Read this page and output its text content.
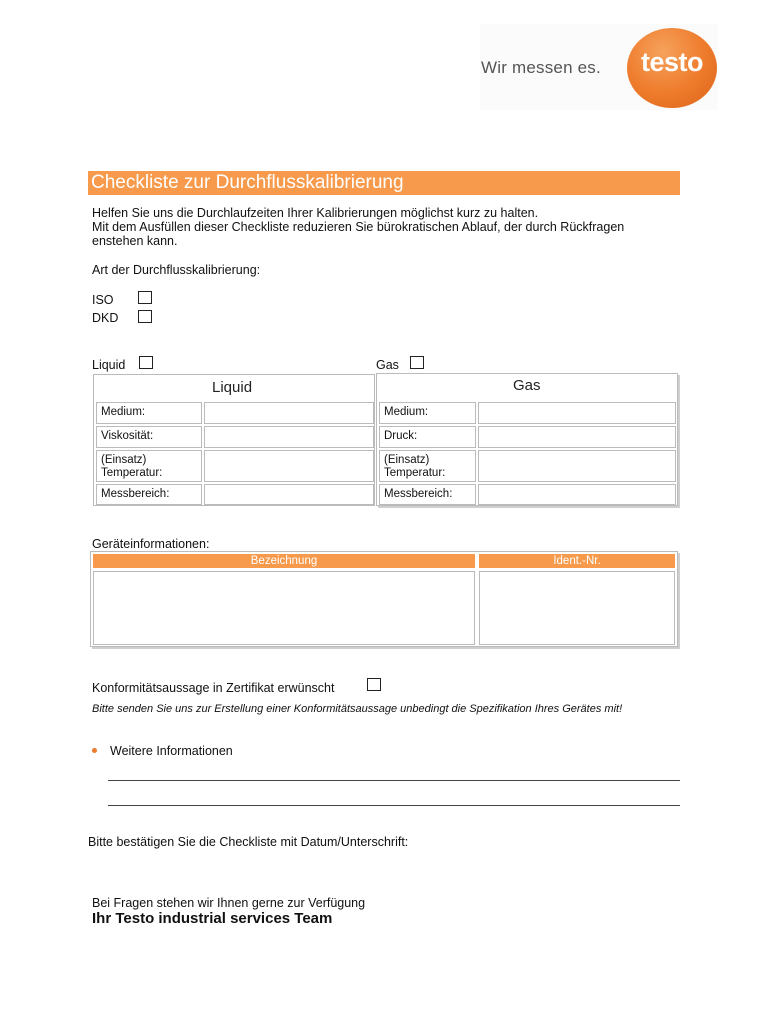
Wir messen es.	testo
Checkliste zur Durchflusskalibrierung
Helfen Sie uns die Durchlaufzeiten Ihrer Kalibrierungen möglichst kurz zu halten.
Mit dem Ausfüllen dieser Checkliste reduzieren Sie bürokratischen Ablauf, der durch Rückfragen
enstehen kann.
Art der Durchflusskalibrierung:
ISO
DKD
Liquid	Gas
Liquid
Medium:
Viskosität:
(Einsatz)
Temperatur:
Messbereich:
Gas
Medium:
Druck:
(Einsatz)
Temperatur:
Messbereich:
Geräteinformationen:
Bezeichnung	Ident.-Nr.
Konformitätsaussage in Zertifikat erwünscht
Bitte senden Sie uns zur Erstellung einer Konformitätsaussage unbedingt die Spezifikation Ihres Gerätes mit!
Weitere Informationen
Bitte bestätigen Sie die Checkliste mit Datum/Unterschrift:
Bei Fragen stehen wir Ihnen gerne zur Verfügung
Ihr Testo industrial services Team
